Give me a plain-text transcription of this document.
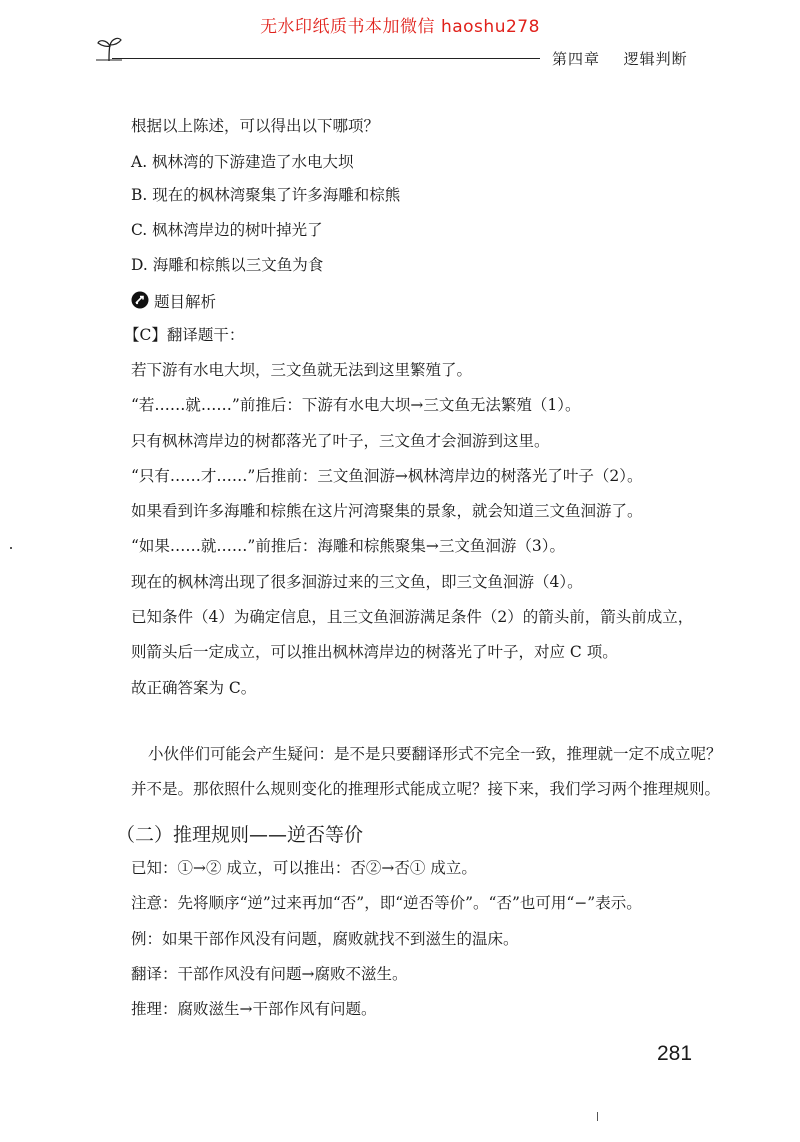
无水印纸质书本加微信 haoshu278
第四章 逻辑判断
根据以上陈述，可以得出以下哪项？
A. 枫林湾的下游建造了水电大坝
B. 现在的枫林湾聚集了许多海雕和棕熊
C. 枫林湾岸边的树叶掉光了
D. 海雕和棕熊以三文鱼为食
题目解析
【C】翻译题干：
若下游有水电大坝，三文鱼就无法到这里繁殖了。
“若……就……”前推后：下游有水电大坝→三文鱼无法繁殖（1）。
只有枫林湾岸边的树都落光了叶子，三文鱼才会洄游到这里。
“只有……才……”后推前：三文鱼洄游→枫林湾岸边的树落光了叶子（2）。
如果看到许多海雕和棕熊在这片河湾聚集的景象，就会知道三文鱼洄游了。
“如果……就……”前推后：海雕和棕熊聚集→三文鱼洄游（3）。
现在的枫林湾出现了很多洄游过来的三文鱼，即三文鱼洄游（4）。
已知条件（4）为确定信息，且三文鱼洄游满足条件（2）的箭头前，箭头前成立，
则箭头后一定成立，可以推出枫林湾岸边的树落光了叶子，对应 C 项。
故正确答案为 C。
小伙伴们可能会产生疑问：是不是只要翻译形式不完全一致，推理就一定不成立呢？
并不是。那依照什么规则变化的推理形式能成立呢？接下来，我们学习两个推理规则。
（二）推理规则——逆否等价
已知：①→② 成立，可以推出：否②→否① 成立。
注意：先将顺序“逆”过来再加“否”，即“逆否等价”。“否”也可用“−”表示。
例：如果干部作风没有问题，腐败就找不到滋生的温床。
翻译：干部作风没有问题→腐败不滋生。
推理：腐败滋生→干部作风有问题。
281
